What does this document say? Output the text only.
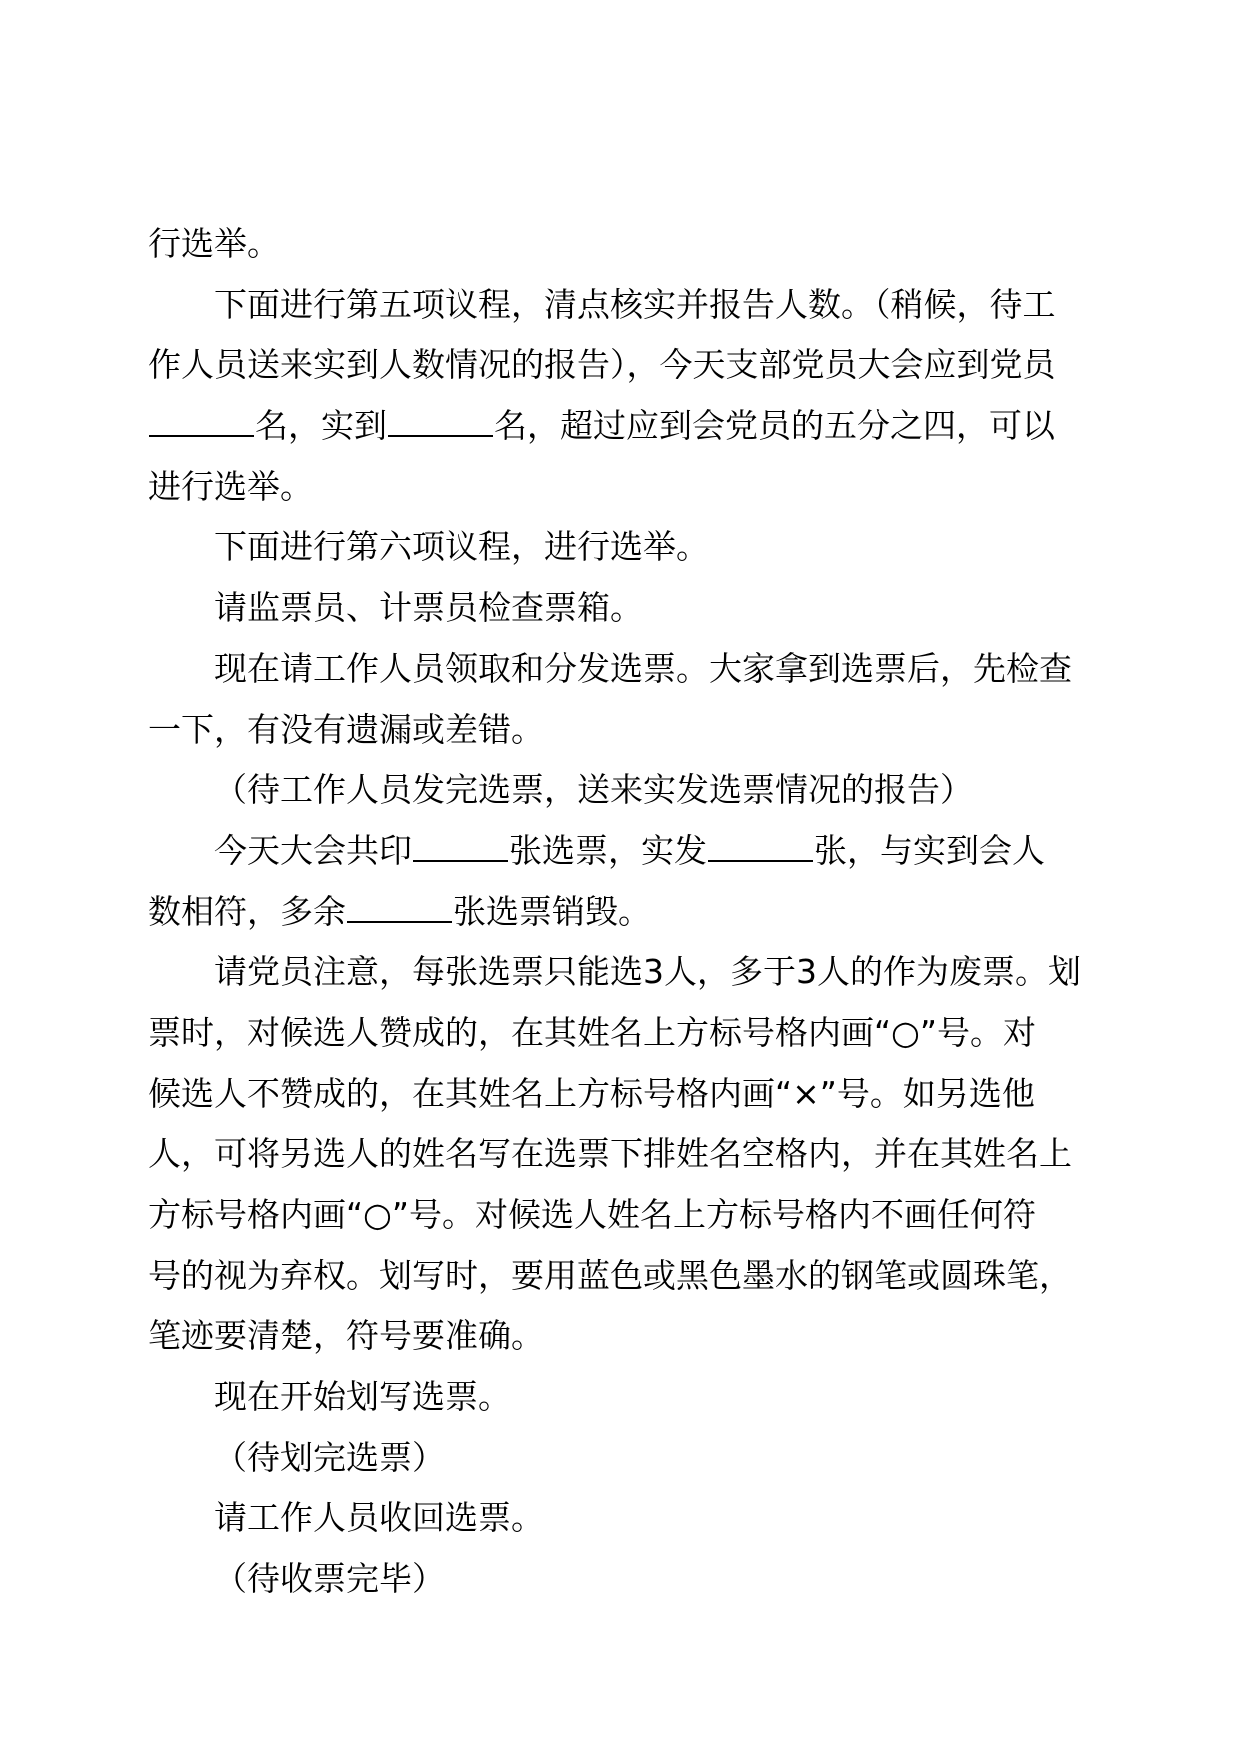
行选举。
下面进行第五项议程，清点核实并报告人数。（稍候，待工
作人员送来实到人数情况的报告），今天支部党员大会应到党员
名，实到	名，超过应到会党员的五分之四，可以
进行选举。
下面进行第六项议程，进行选举。
请监票员、计票员检查票箱。
现在请工作人员领取和分发选票。大家拿到选票后，先检查
一下，有没有遗漏或差错。
（待工作人员发完选票，送来实发选票情况的报告）
今天大会共印	张选票，实发	张，与实到会人
数相符，多余	张选票销毁。
请党员注意，每张选票只能选3人，多于3人的作为废票。划
票时，对候选人赞成的，在其姓名上方标号格内画“○”号。对
候选人不赞成的，在其姓名上方标号格内画“×”号。如另选他
人，可将另选人的姓名写在选票下排姓名空格内，并在其姓名上
方标号格内画“○”号。对候选人姓名上方标号格内不画任何符
号的视为弃权。划写时，要用蓝色或黑色墨水的钢笔或圆珠笔，
笔迹要清楚，符号要准确。
现在开始划写选票。
（待划完选票）
请工作人员收回选票。
（待收票完毕）
